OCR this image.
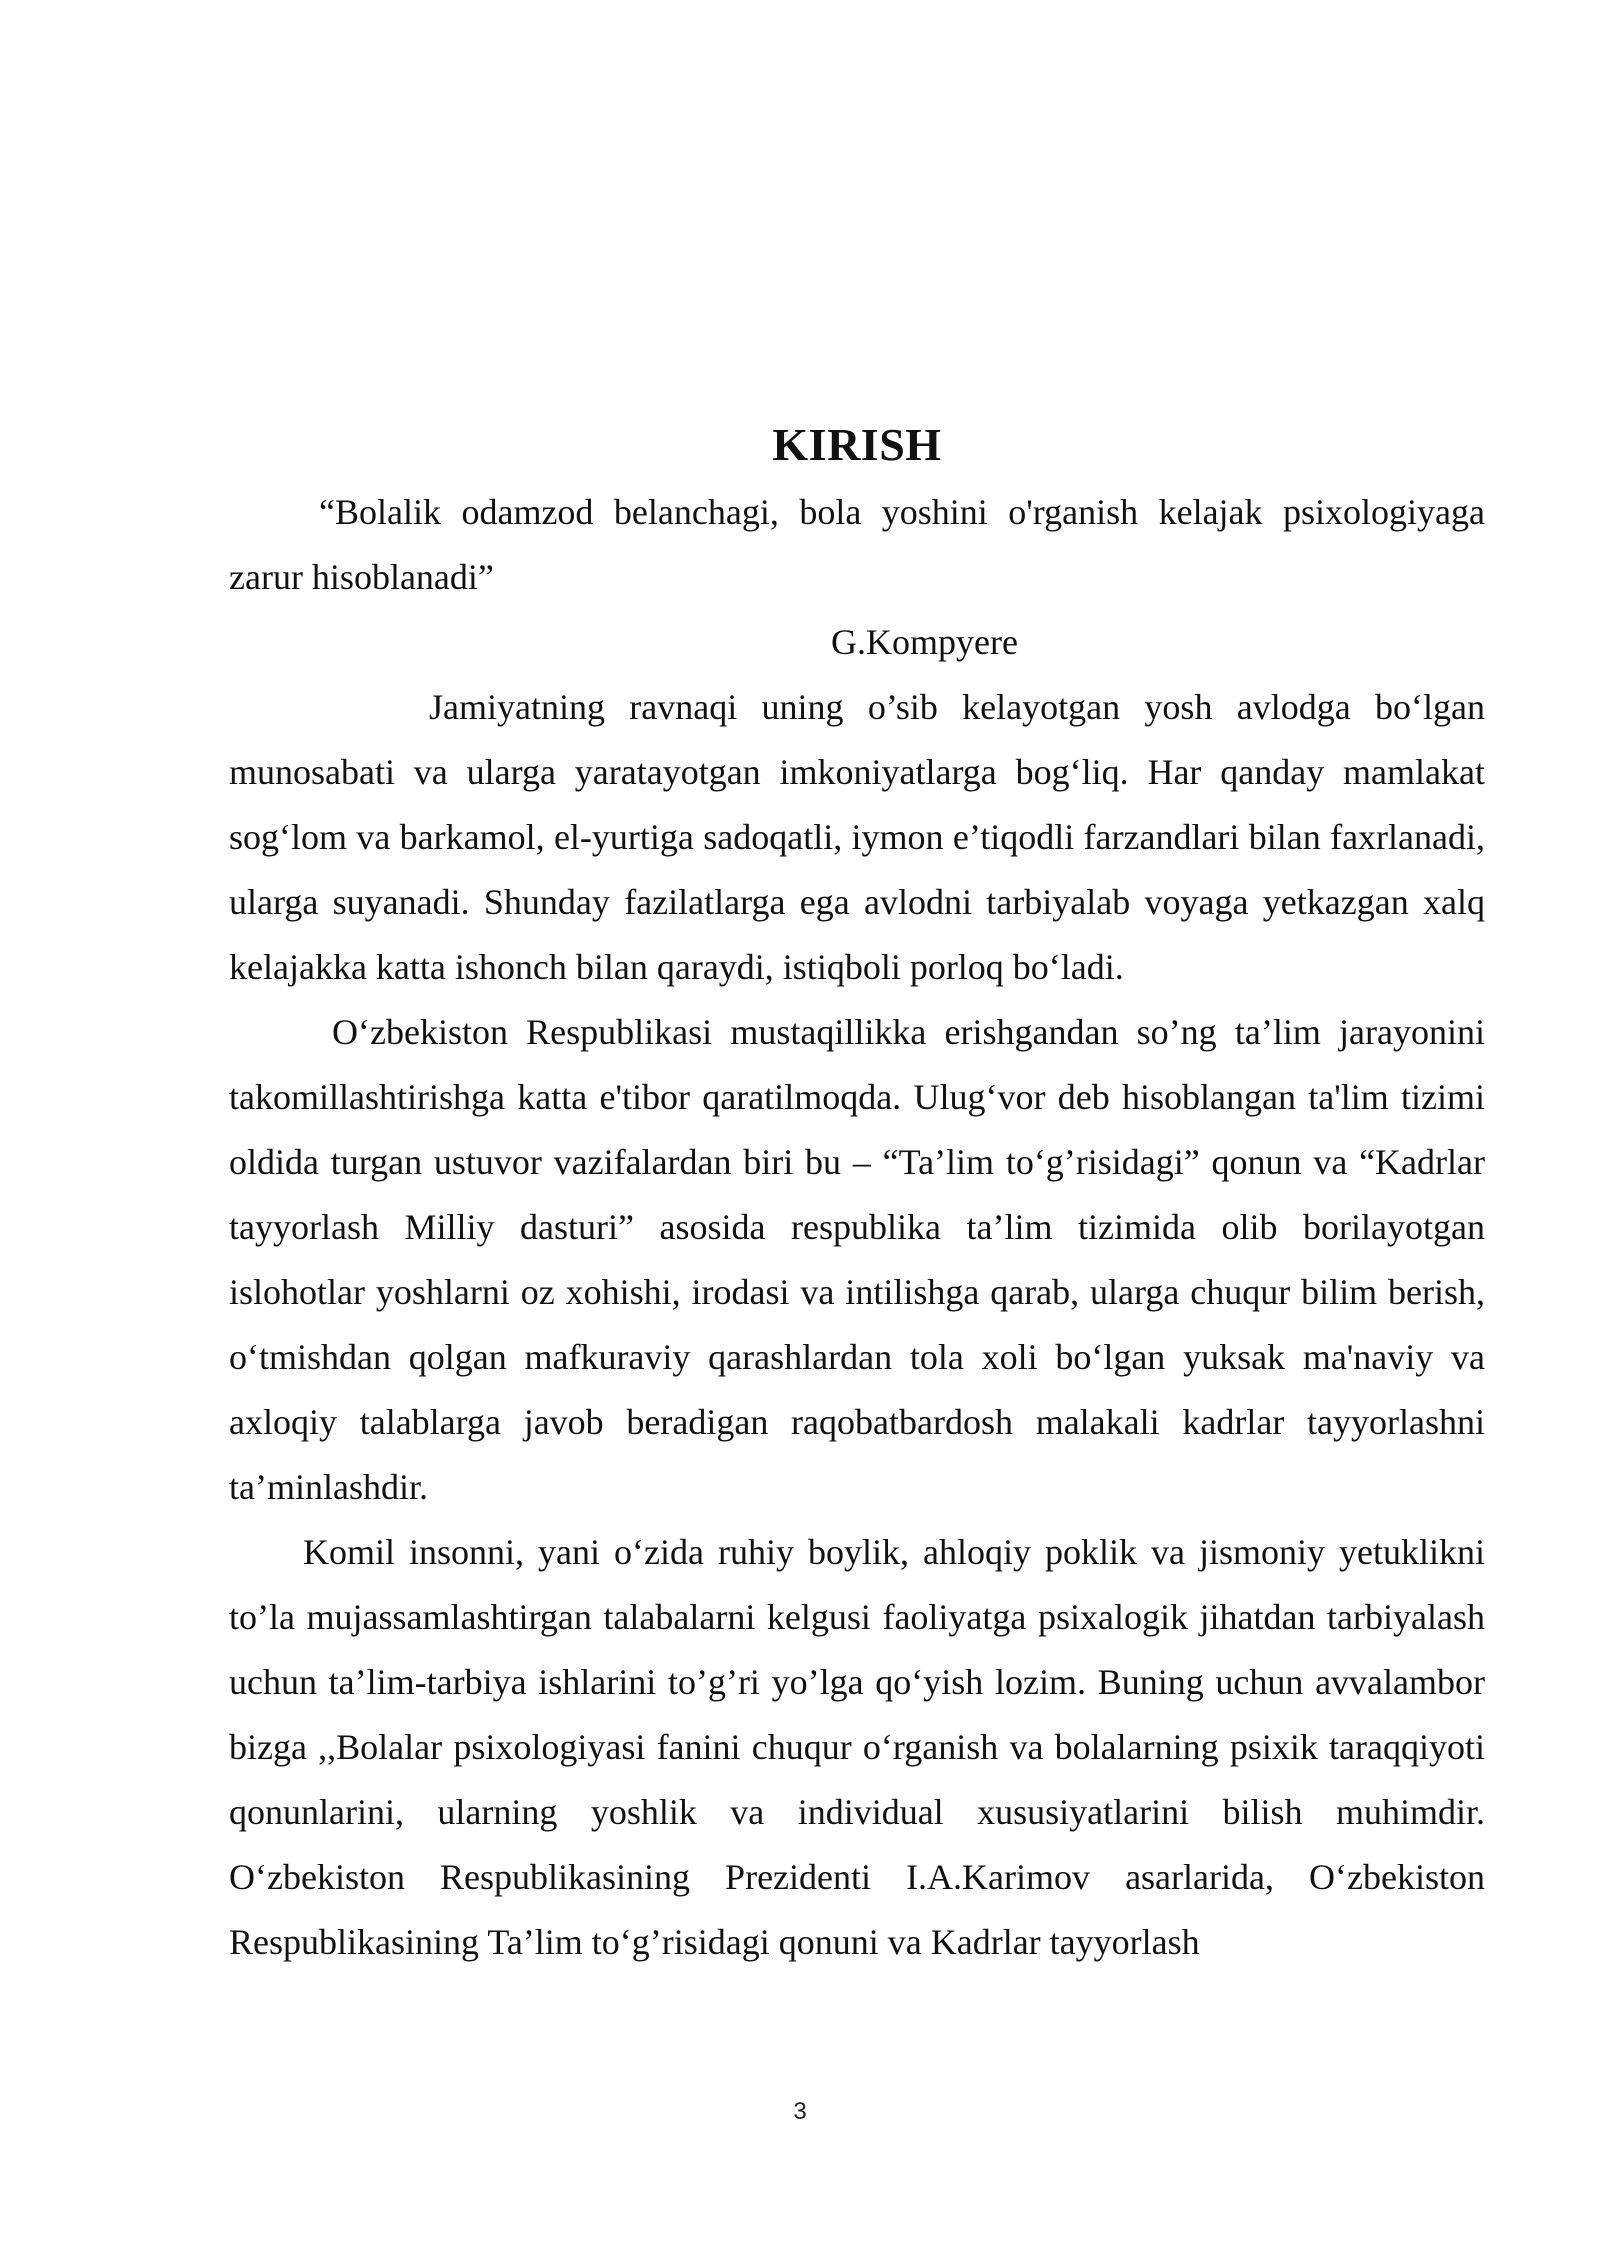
KIRISH

“Bolalik odamzod belanchagi, bola yoshini o'rganish kelajak psixologiyaga zarur hisoblanadi”

G.Kompyere

Jamiyatning ravnaqi uning o’sib kelayotgan yosh avlodga bo‘lgan munosabati va ularga yaratayotgan imkoniyatlarga bog‘liq. Har qanday mamlakat sog‘lom va barkamol, el-yurtiga sadoqatli, iymon e’tiqodli farzandlari bilan faxrlanadi, ularga suyanadi. Shunday fazilatlarga ega avlodni tarbiyalab voyaga yetkazgan xalq kelajakka katta ishonch bilan qaraydi, istiqboli porloq bo‘ladi.

O‘zbekiston Respublikasi mustaqillikka erishgandan so’ng ta’lim jarayonini takomillashtirishga katta e'tibor qaratilmoqda. Ulug‘vor deb hisoblangan ta'lim tizimi oldida turgan ustuvor vazifalardan biri bu – “Ta’lim to‘g’risidagi” qonun va “Kadrlar tayyorlash Milliy dasturi” asosida respublika ta’lim tizimida olib borilayotgan islohotlar yoshlarni oz xohishi, irodasi va intilishga qarab, ularga chuqur bilim berish, o‘tmishdan qolgan mafkuraviy qarashlardan tola xoli bo‘lgan yuksak ma'naviy va axloqiy talablarga javob beradigan raqobatbardosh malakali kadrlar tayyorlashni ta’minlashdir.

Komil insonni, yani o‘zida ruhiy boylik, ahloqiy poklik va jismoniy yetuklikni to’la mujassamlashtirgan talabalarni kelgusi faoliyatga psixalogik jihatdan tarbiyalash uchun ta’lim-tarbiya ishlarini to’g’ri yo’lga qo‘yish lozim. Buning uchun avvalambor bizga ,,Bolalar psixologiyasi fanini chuqur o‘rganish va bolalarning psixik taraqqiyoti qonunlarini, ularning yoshlik va individual xususiyatlarini bilish muhimdir. O‘zbekiston Respublikasining Prezidenti I.A.Karimov asarlarida, O‘zbekiston Respublikasining Ta’lim to‘g’risidagi qonuni va Kadrlar tayyorlash

3
